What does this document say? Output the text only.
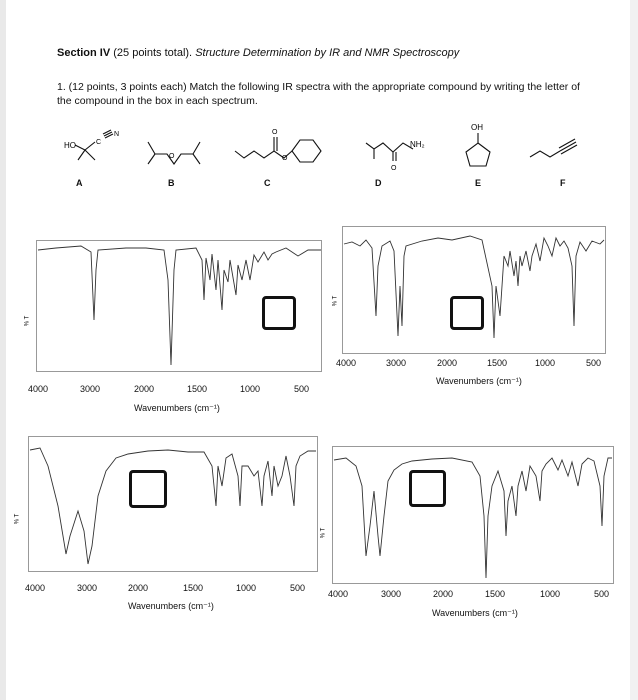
Section IV (25 points total). Structure Determination by IR and NMR Spectroscopy
1. (12 points, 3 points each) Match the following IR spectra with the appropriate compound by writing the letter of the compound in the box in each spectrum.
HO	C
N
O	O
O
O
NH₂
OH
A	B	C	D	E	F
% T
4000	3000	2000	1500	1000	500
Wavenumbers (cm⁻¹)
% T
4000	3000	2000	1500	1000	500
Wavenumbers (cm⁻¹)
% T
4000	3000	2000	1500	1000	500
Wavenumbers (cm⁻¹)
% T
4000	3000	2000	1500	1000	500
Wavenumbers (cm⁻¹)
